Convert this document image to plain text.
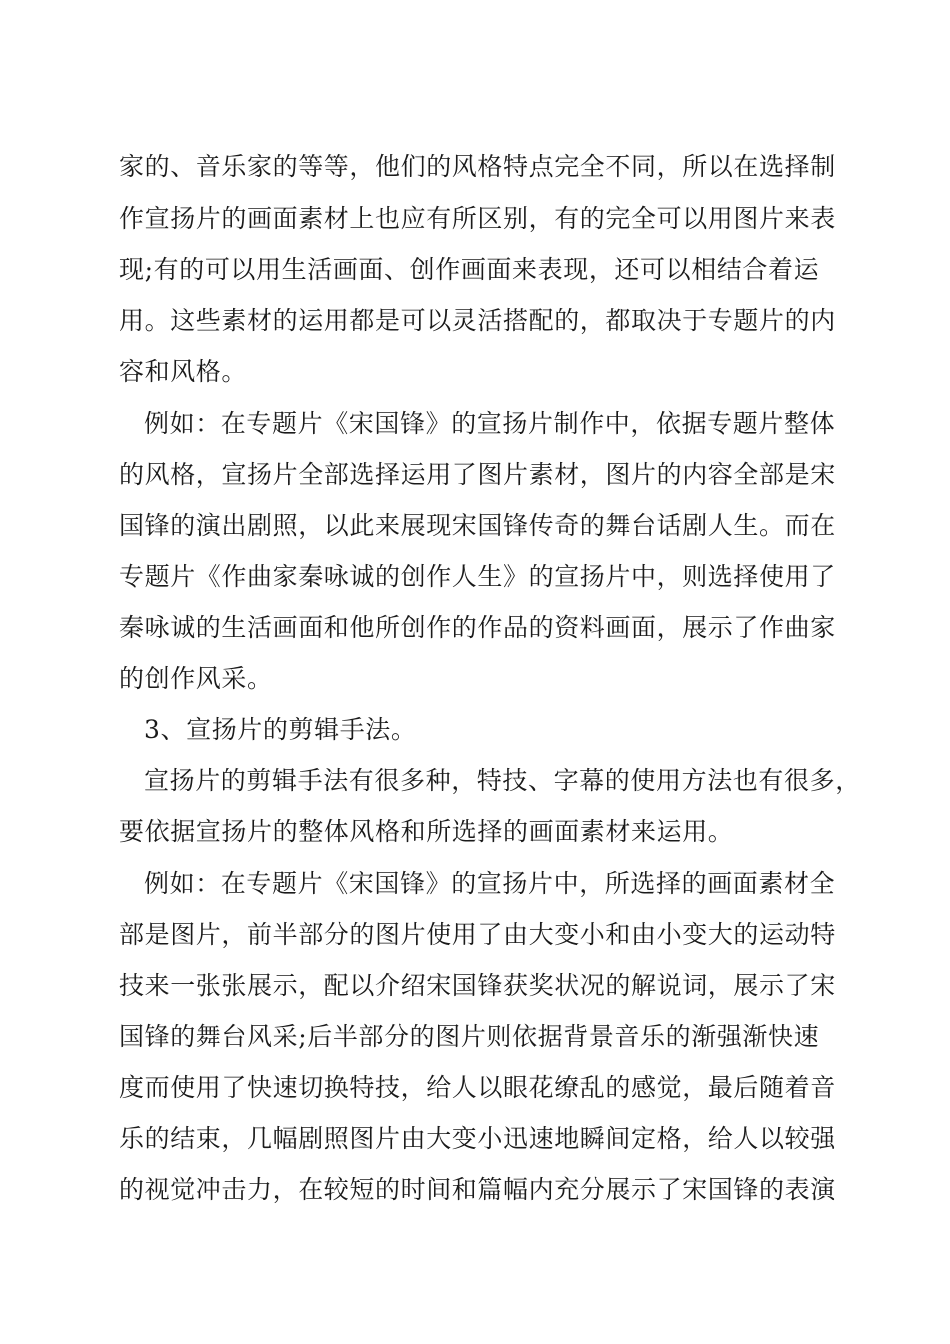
家的、音乐家的等等，他们的风格特点完全不同，所以在选择制
作宣扬片的画面素材上也应有所区别，有的完全可以用图片来表
现;有的可以用生活画面、创作画面来表现，还可以相结合着运
用。这些素材的运用都是可以灵活搭配的，都取决于专题片的内
容和风格。
例如：在专题片《宋国锋》的宣扬片制作中，依据专题片整体
的风格，宣扬片全部选择运用了图片素材，图片的内容全部是宋
国锋的演出剧照，以此来展现宋国锋传奇的舞台话剧人生。而在
专题片《作曲家秦咏诚的创作人生》的宣扬片中，则选择使用了
秦咏诚的生活画面和他所创作的作品的资料画面，展示了作曲家
的创作风采。
3、宣扬片的剪辑手法。
宣扬片的剪辑手法有很多种，特技、字幕的使用方法也有很多，
要依据宣扬片的整体风格和所选择的画面素材来运用。
例如：在专题片《宋国锋》的宣扬片中，所选择的画面素材全
部是图片，前半部分的图片使用了由大变小和由小变大的运动特
技来一张张展示，配以介绍宋国锋获奖状况的解说词，展示了宋
国锋的舞台风采;后半部分的图片则依据背景音乐的渐强渐快速
度而使用了快速切换特技，给人以眼花缭乱的感觉，最后随着音
乐的结束，几幅剧照图片由大变小迅速地瞬间定格，给人以较强
的视觉冲击力，在较短的时间和篇幅内充分展示了宋国锋的表演
